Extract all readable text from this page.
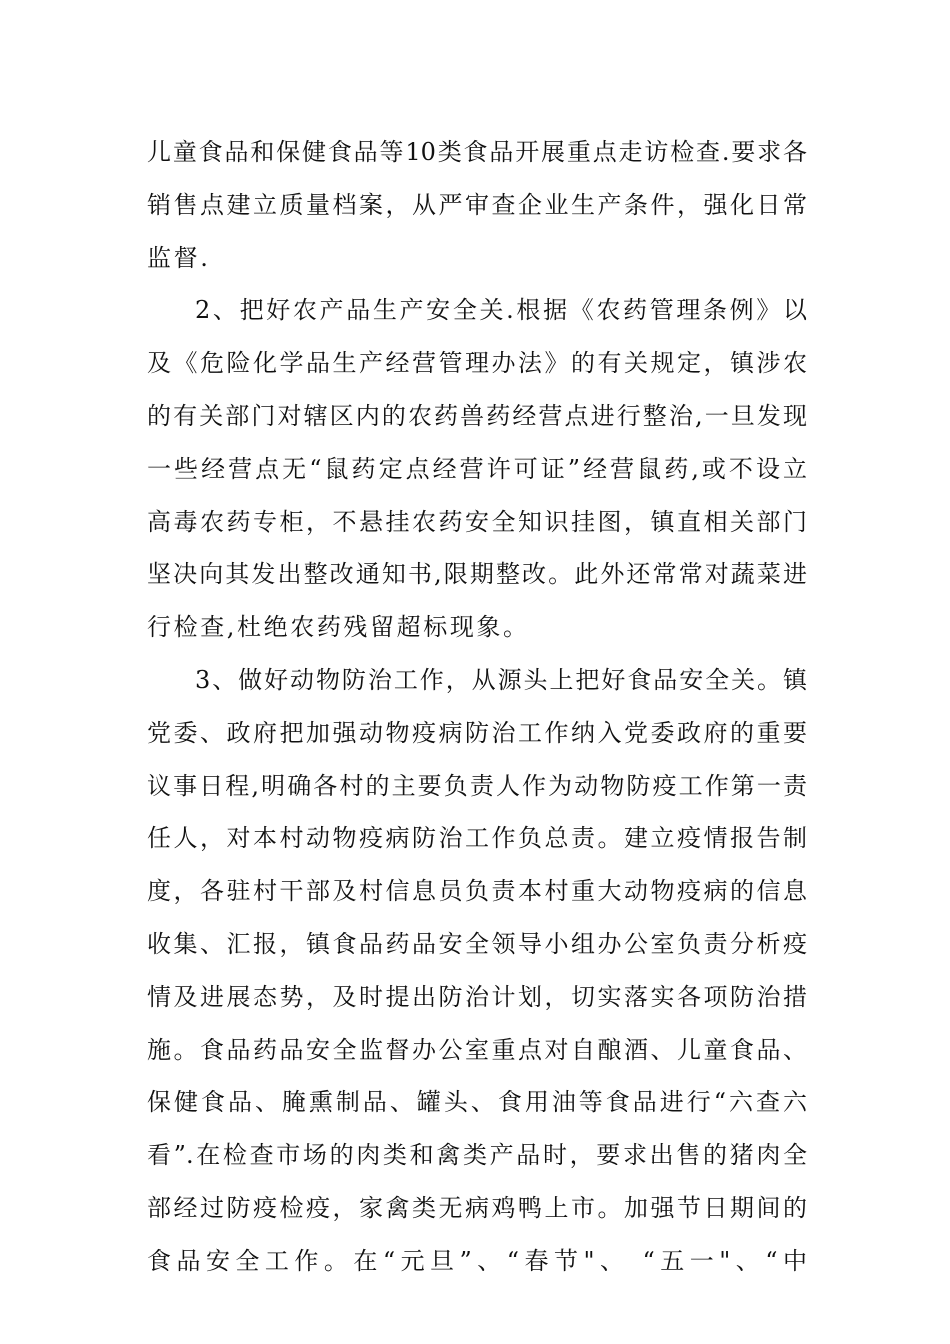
儿童食品和保健食品等10类食品开展重点走访检查.要求各
销售点建立质量档案，从严审查企业生产条件，强化日常
监督.
2、把好农产品生产安全关.根据《农药管理条例》以
及《危险化学品生产经营管理办法》的有关规定，镇涉农
的有关部门对辖区内的农药兽药经营点进行整治,一旦发现
一些经营点无“鼠药定点经营许可证”经营鼠药,或不设立
高毒农药专柜，不悬挂农药安全知识挂图，镇直相关部门
坚决向其发出整改通知书,限期整改。此外还常常对蔬菜进
行检查,杜绝农药残留超标现象。
3、做好动物防治工作，从源头上把好食品安全关。镇
党委、政府把加强动物疫病防治工作纳入党委政府的重要
议事日程,明确各村的主要负责人作为动物防疫工作第一责
任人，对本村动物疫病防治工作负总责。建立疫情报告制
度，各驻村干部及村信息员负责本村重大动物疫病的信息
收集、汇报，镇食品药品安全领导小组办公室负责分析疫
情及进展态势，及时提出防治计划，切实落实各项防治措
施。食品药品安全监督办公室重点对自酿酒、儿童食品、
保健食品、腌熏制品、罐头、食用油等食品进行“六查六
看”.在检查市场的肉类和禽类产品时，要求出售的猪肉全
部经过防疫检疫，家禽类无病鸡鸭上市。加强节日期间的
食品安全工作。在“元旦”、“春节"、 “五一"、“中
